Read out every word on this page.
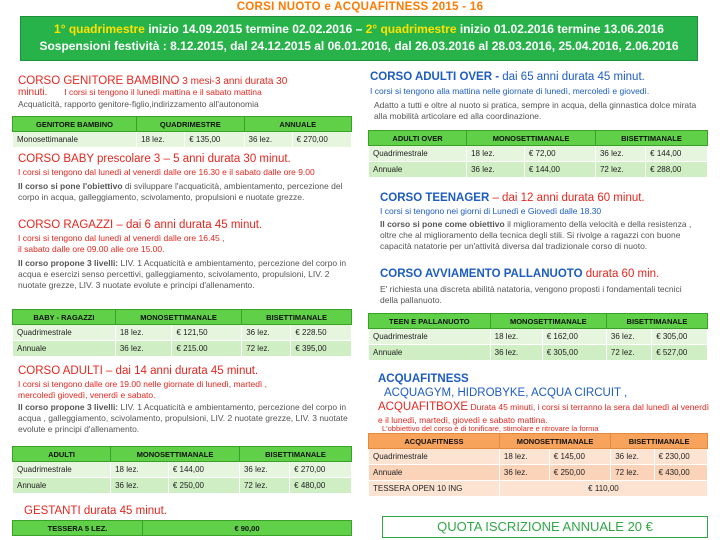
CORSI NUOTO e ACQUAFITNESS 2015 - 16
1° quadrimestre inizio 14.09.2015 termine 02.02.2016 – 2° quadrimestre inizio 01.02.2016 termine 13.06.2016
Sospensioni festività : 8.12.2015, dal 24.12.2015 al 06.01.2016, dal 26.03.2016 al 28.03.2016, 25.04.2016, 2.06.2016
CORSO GENITORE BAMBINO 3 mesi-3 anni durata 30
minuti. I corsi si tengono il lunedì mattina e il sabato mattina
Acquaticità, rapporto genitore-figlio,indirizzamento all'autonomia
GENITORE BAMBINO	QUADRIMESTRE		ANNUALE	
Monosettimanale	18 lez.	€ 135,00	36 lez.	€ 270,00
CORSO BABY prescolare 3 – 5 anni durata 30 minut.
I corsi si tengono dal lunedì al venerdì dalle ore 16.30 e il sabato dalle ore 9.00
Il corso si pone l'obiettivo di sviluppare l'acquaticità, ambientamento, percezione del corpo in acqua, galleggiamento, scivolamento, propulsioni e nuotate grezze.
CORSO RAGAZZI – dai 6 anni durata 45 minut.
I corsi si tengono dal lunedì al venerdì dalle ore 16.45 ,
il sabato dalle ore 09.00 alle ore 15.00.
Il corso propone 3 livelli: LIV. 1 Acquaticità e ambientamento, percezione del corpo in acqua e esercizi senso percettivi, galleggiamento, scivolamento, propulsioni, LIV. 2 nuotate grezze, LIV. 3 nuotate evolute e principi d'allenamento.
BABY - RAGAZZI	MONOSETTIMANALE		BISETTIMANALE	
Quadrimestrale	18 lez.	€ 121,50	36 lez.	€ 228.50
Annuale	36 lez.	€ 215.00	72 lez.	€ 395,00
CORSO ADULTI – dai 14 anni durata 45 minut.
I corsi si tengono dalle ore 19.00 nelle giornate di lunedì, martedì ,
mercoledì giovedì, venerdì e sabato.
Il corso propone 3 livelli: LIV. 1 Acquaticità e ambientamento, percezione del corpo in acqua , galleggiamento, scivolamento, propulsioni, LIV. 2 nuotate grezze, LIV. 3 nuotate evolute e principi d'allenamento.
ADULTI	MONOSETTIMANALE		BISETTIMANALE	
Quadrimestrale	18 lez.	€ 144,00	36 lez.	€ 270,00
Annuale	36 lez.	€ 250,00	72 lez.	€ 480,00
GESTANTI durata 45 minut.
TESSERA 5 LEZ.	€ 90,00
CORSO ADULTI OVER - dai 65 anni durata 45 minut.
I corsi si tengono alla mattina nelle giornate di lunedì, mercoledì e giovedì.
Adatto a tutti e oltre al nuoto si pratica, sempre in acqua, della ginnastica dolce mirata alla mobilità articolare ed alla coordinazione.
ADULTI OVER	MONOSETTIMANALE		BISETTIMANALE	
Quadrimestrale	18 lez.	€ 72,00	36 lez.	€ 144,00
Annuale	36 lez.	€ 144,00	72 lez.	€ 288,00
CORSO TEENAGER – dai 12 anni durata 60 minut.
I corsi si tengono nei giorni di Lunedì e Giovedì dalle 18.30
Il corso si pone come obiettivo il miglioramento della velocità e della resistenza , oltre che al miglioramento della tecnica degli stili. Si rivolge a ragazzi con buone capacità natatorie per un'attività diversa dal tradizionale corso di nuoto.
CORSO AVVIAMENTO PALLANUOTO durata 60 min.
E' richiesta una discreta abilità natatoria, vengono proposti i fondamentali tecnici della pallanuoto.
TEEN E PALLANUOTO	MONOSETTIMANALE		BISETTIMANALE	
Quadrimestrale	18 lez.	€ 162,00	36 lez.	€ 305,00
Annuale	36 lez.	€ 305,00	72 lez.	€ 527,00
ACQUAFITNESS
ACQUAGYM, HIDROBYKE, ACQUA CIRCUIT ,
ACQUAFITBOXE Durata 45 minuti, i corsi si terranno la sera dal lunedì al venerdì e il lunedì, martedì, giovedì e sabato mattina.
L'obbiettivo del corso è di tonificare, stimolare e ritrovare la forma
ACQUAFITNESS	MONOSETTIMANALE		BISETTIMANALE	
Quadrimestrale	18 lez.	€ 145,00	36 lez.	€ 230,00
Annuale	36 lez.	€ 250,00	72 lez.	€ 430,00
TESSERA OPEN 10 ING	€ 110,00			
QUOTA ISCRIZIONE ANNUALE 20 €
